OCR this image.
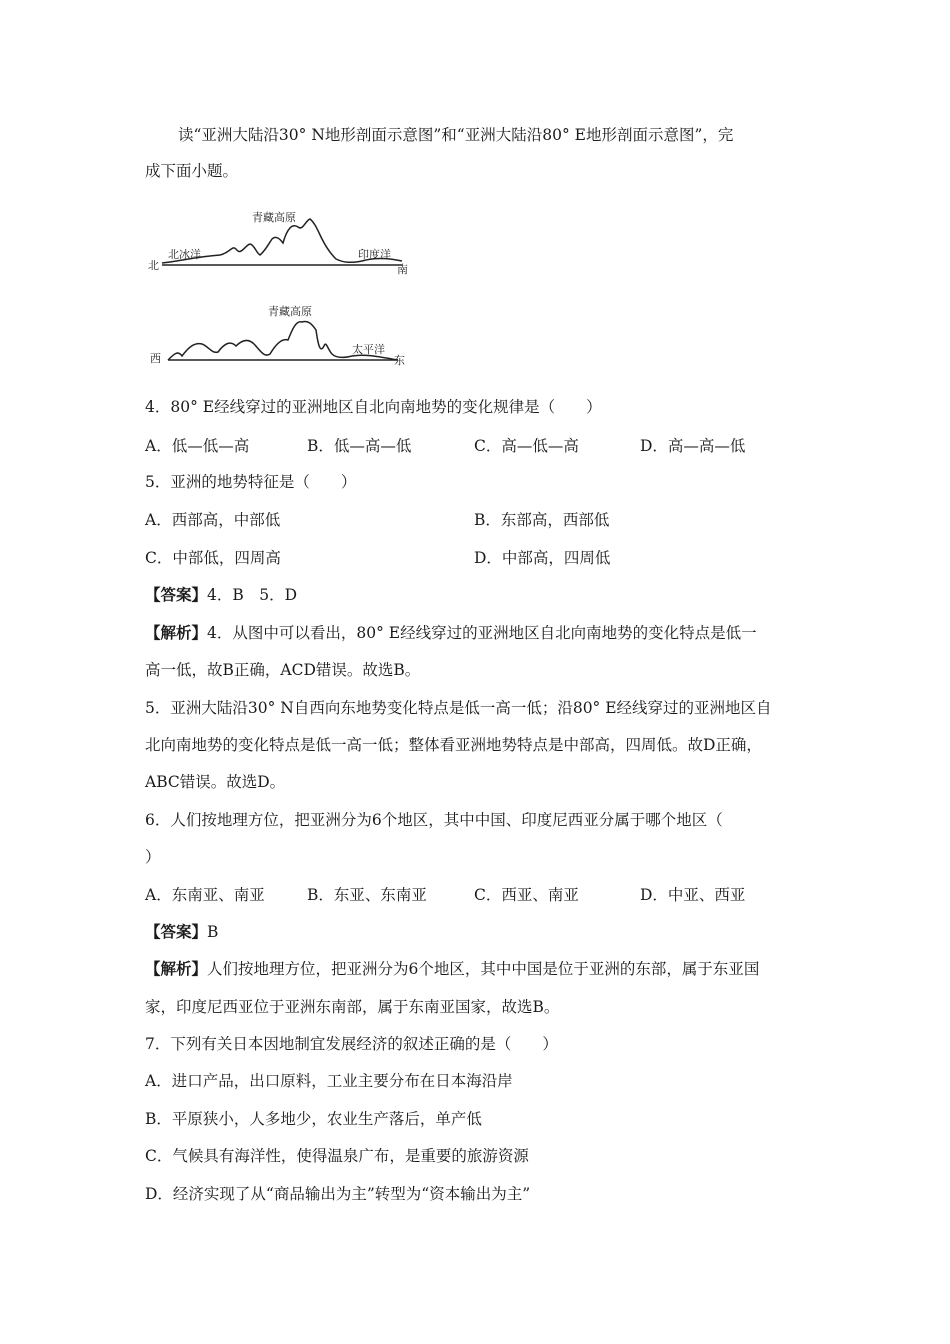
读“亚洲大陆沿30° N地形剖面示意图”和“亚洲大陆沿80° E地形剖面示意图”，完
成下面小题。
北
北冰洋
青藏高原
印度洋
南
西
青藏高原
太平洋
东
4．80° E经线穿过的亚洲地区自北向南地势的变化规律是（　　）
A．低—低—高	B．低—高—低	C．高—低—高	D．高—高—低
5．亚洲的地势特征是（　　）
A．西部高，中部低	B．东部高，西部低
C．中部低，四周高	D．中部高，四周低
【答案】4．B　5．D
【解析】4．从图中可以看出，80° E经线穿过的亚洲地区自北向南地势的变化特点是低一
高一低，故B正确，ACD错误。故选B。
5．亚洲大陆沿30° N自西向东地势变化特点是低一高一低；沿80° E经线穿过的亚洲地区自
北向南地势的变化特点是低一高一低；整体看亚洲地势特点是中部高，四周低。故D正确，
ABC错误。故选D。
6．人们按地理方位，把亚洲分为6个地区，其中中国、印度尼西亚分属于哪个地区（
）
A．东南亚、南亚	B．东亚、东南亚	C．西亚、南亚	D．中亚、西亚
【答案】B
【解析】人们按地理方位，把亚洲分为6个地区，其中中国是位于亚洲的东部，属于东亚国
家，印度尼西亚位于亚洲东南部，属于东南亚国家，故选B。
7．下列有关日本因地制宜发展经济的叙述正确的是（　　）
A．进口产品，出口原料，工业主要分布在日本海沿岸
B．平原狭小，人多地少，农业生产落后，单产低
C．气候具有海洋性，使得温泉广布，是重要的旅游资源
D．经济实现了从“商品输出为主”转型为“资本输出为主”
